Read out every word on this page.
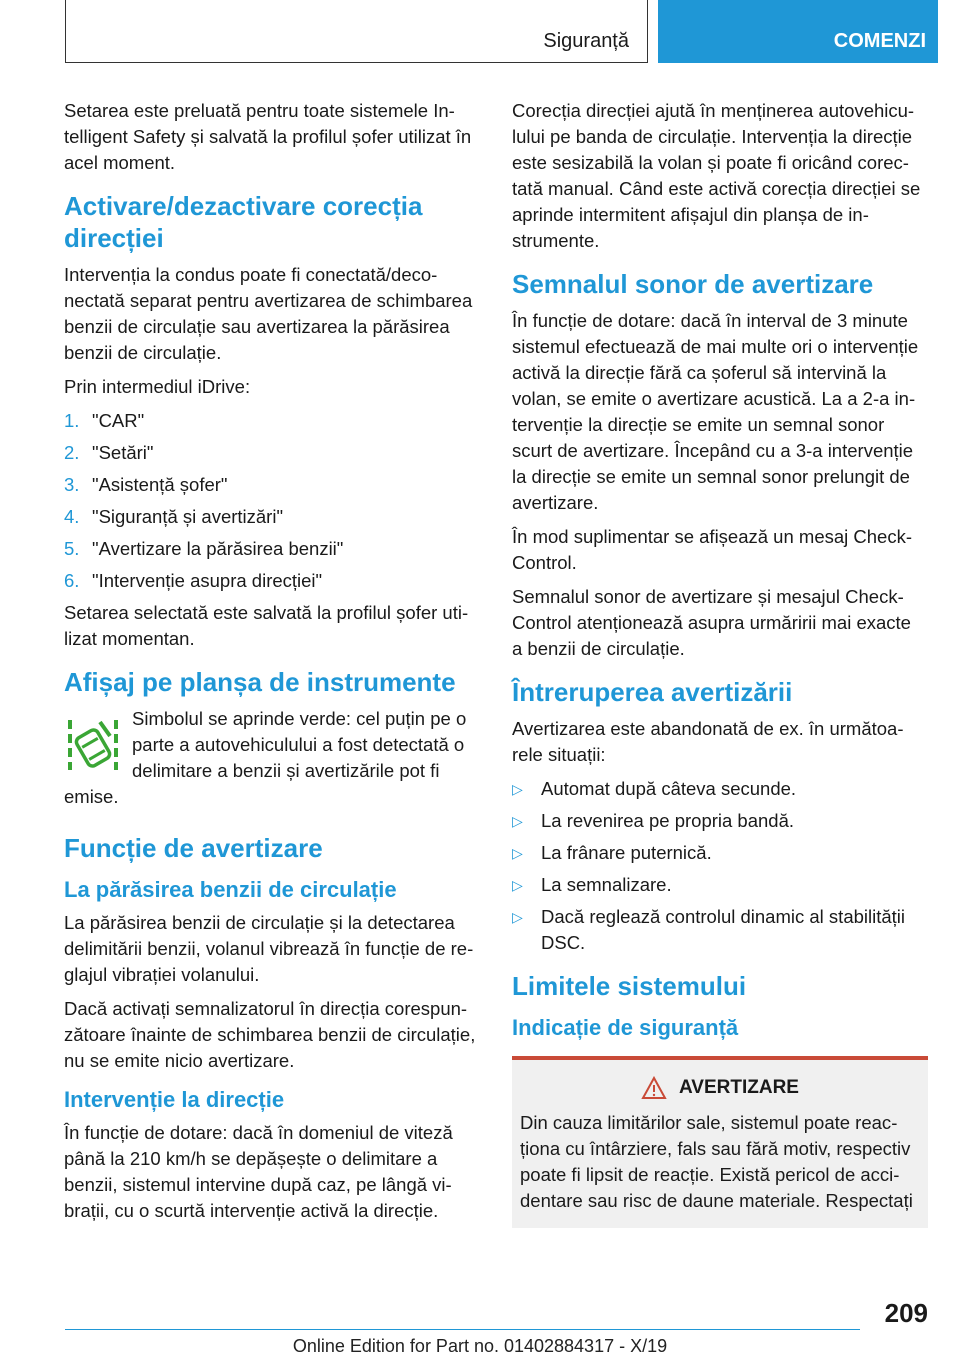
Siguranță	COMENZI

Setarea este preluată pentru toate sistemele Intelligent Safety și salvată la profilul șofer utilizat în acel moment.

Activare/dezactivare corecția direcției

Intervenția la condus poate fi conectată/deconectată separat pentru avertizarea de schimbarea benzii de circulație sau avertizarea la părăsirea benzii de circulație.

Prin intermediul iDrive:

1. "CAR"
2. "Setări"
3. "Asistență șofer"
4. "Siguranță și avertizări"
5. "Avertizare la părăsirea benzii"
6. "Intervenție asupra direcției"

Setarea selectată este salvată la profilul șofer utilizat momentan.

Afișaj pe planșa de instrumente

Simbolul se aprinde verde: cel puțin pe o parte a autovehiculului a fost detectată o delimitare a benzii și avertizările pot fi emise.

Funcție de avertizare
La părăsirea benzii de circulație

La părăsirea benzii de circulație și la detectarea delimitării benzii, volanul vibrează în funcție de reglajul vibrației volanului.

Dacă activați semnalizatorul în direcția corespunzătoare înainte de schimbarea benzii de circulație, nu se emite nicio avertizare.

Intervenție la direcție

În funcție de dotare: dacă în domeniul de viteză până la 210 km/h se depășește o delimitare a benzii, sistemul intervine după caz, pe lângă vibrații, cu o scurtă intervenție activă la direcție.

Corecția direcției ajută în menținerea autovehiculului pe banda de circulație. Intervenția la direcție este sesizabilă la volan și poate fi oricând corectată manual. Când este activă corecția direcției se aprinde intermitent afișajul din planșa de instrumente.

Semnalul sonor de avertizare

În funcție de dotare: dacă în interval de 3 minute sistemul efectuează de mai multe ori o intervenție activă la direcție fără ca șoferul să intervină la volan, se emite o avertizare acustică. La a 2-a intervenție la direcție se emite un semnal sonor scurt de avertizare. Începând cu a 3-a intervenție la direcție se emite un semnal sonor prelungit de avertizare.

În mod suplimentar se afișează un mesaj Check-Control.

Semnalul sonor de avertizare și mesajul Check-Control atenționează asupra urmăririi mai exacte a benzii de circulație.

Întreruperea avertizării

Avertizarea este abandonată de ex. în următoarele situații:

▷ Automat după câteva secunde.
▷ La revenirea pe propria bandă.
▷ La frânare puternică.
▷ La semnalizare.
▷ Dacă reglează controlul dinamic al stabilității DSC.
Limitele sistemului
Indicație de siguranță
AVERTIZARE

Din cauza limitărilor sale, sistemul poate reacționa cu întârziere, fals sau fără motiv, respectiv poate fi lipsit de reacție. Există pericol de accidentare sau risc de daune materiale. Respectați

209
Online Edition for Part no. 01402884317 - X/19
